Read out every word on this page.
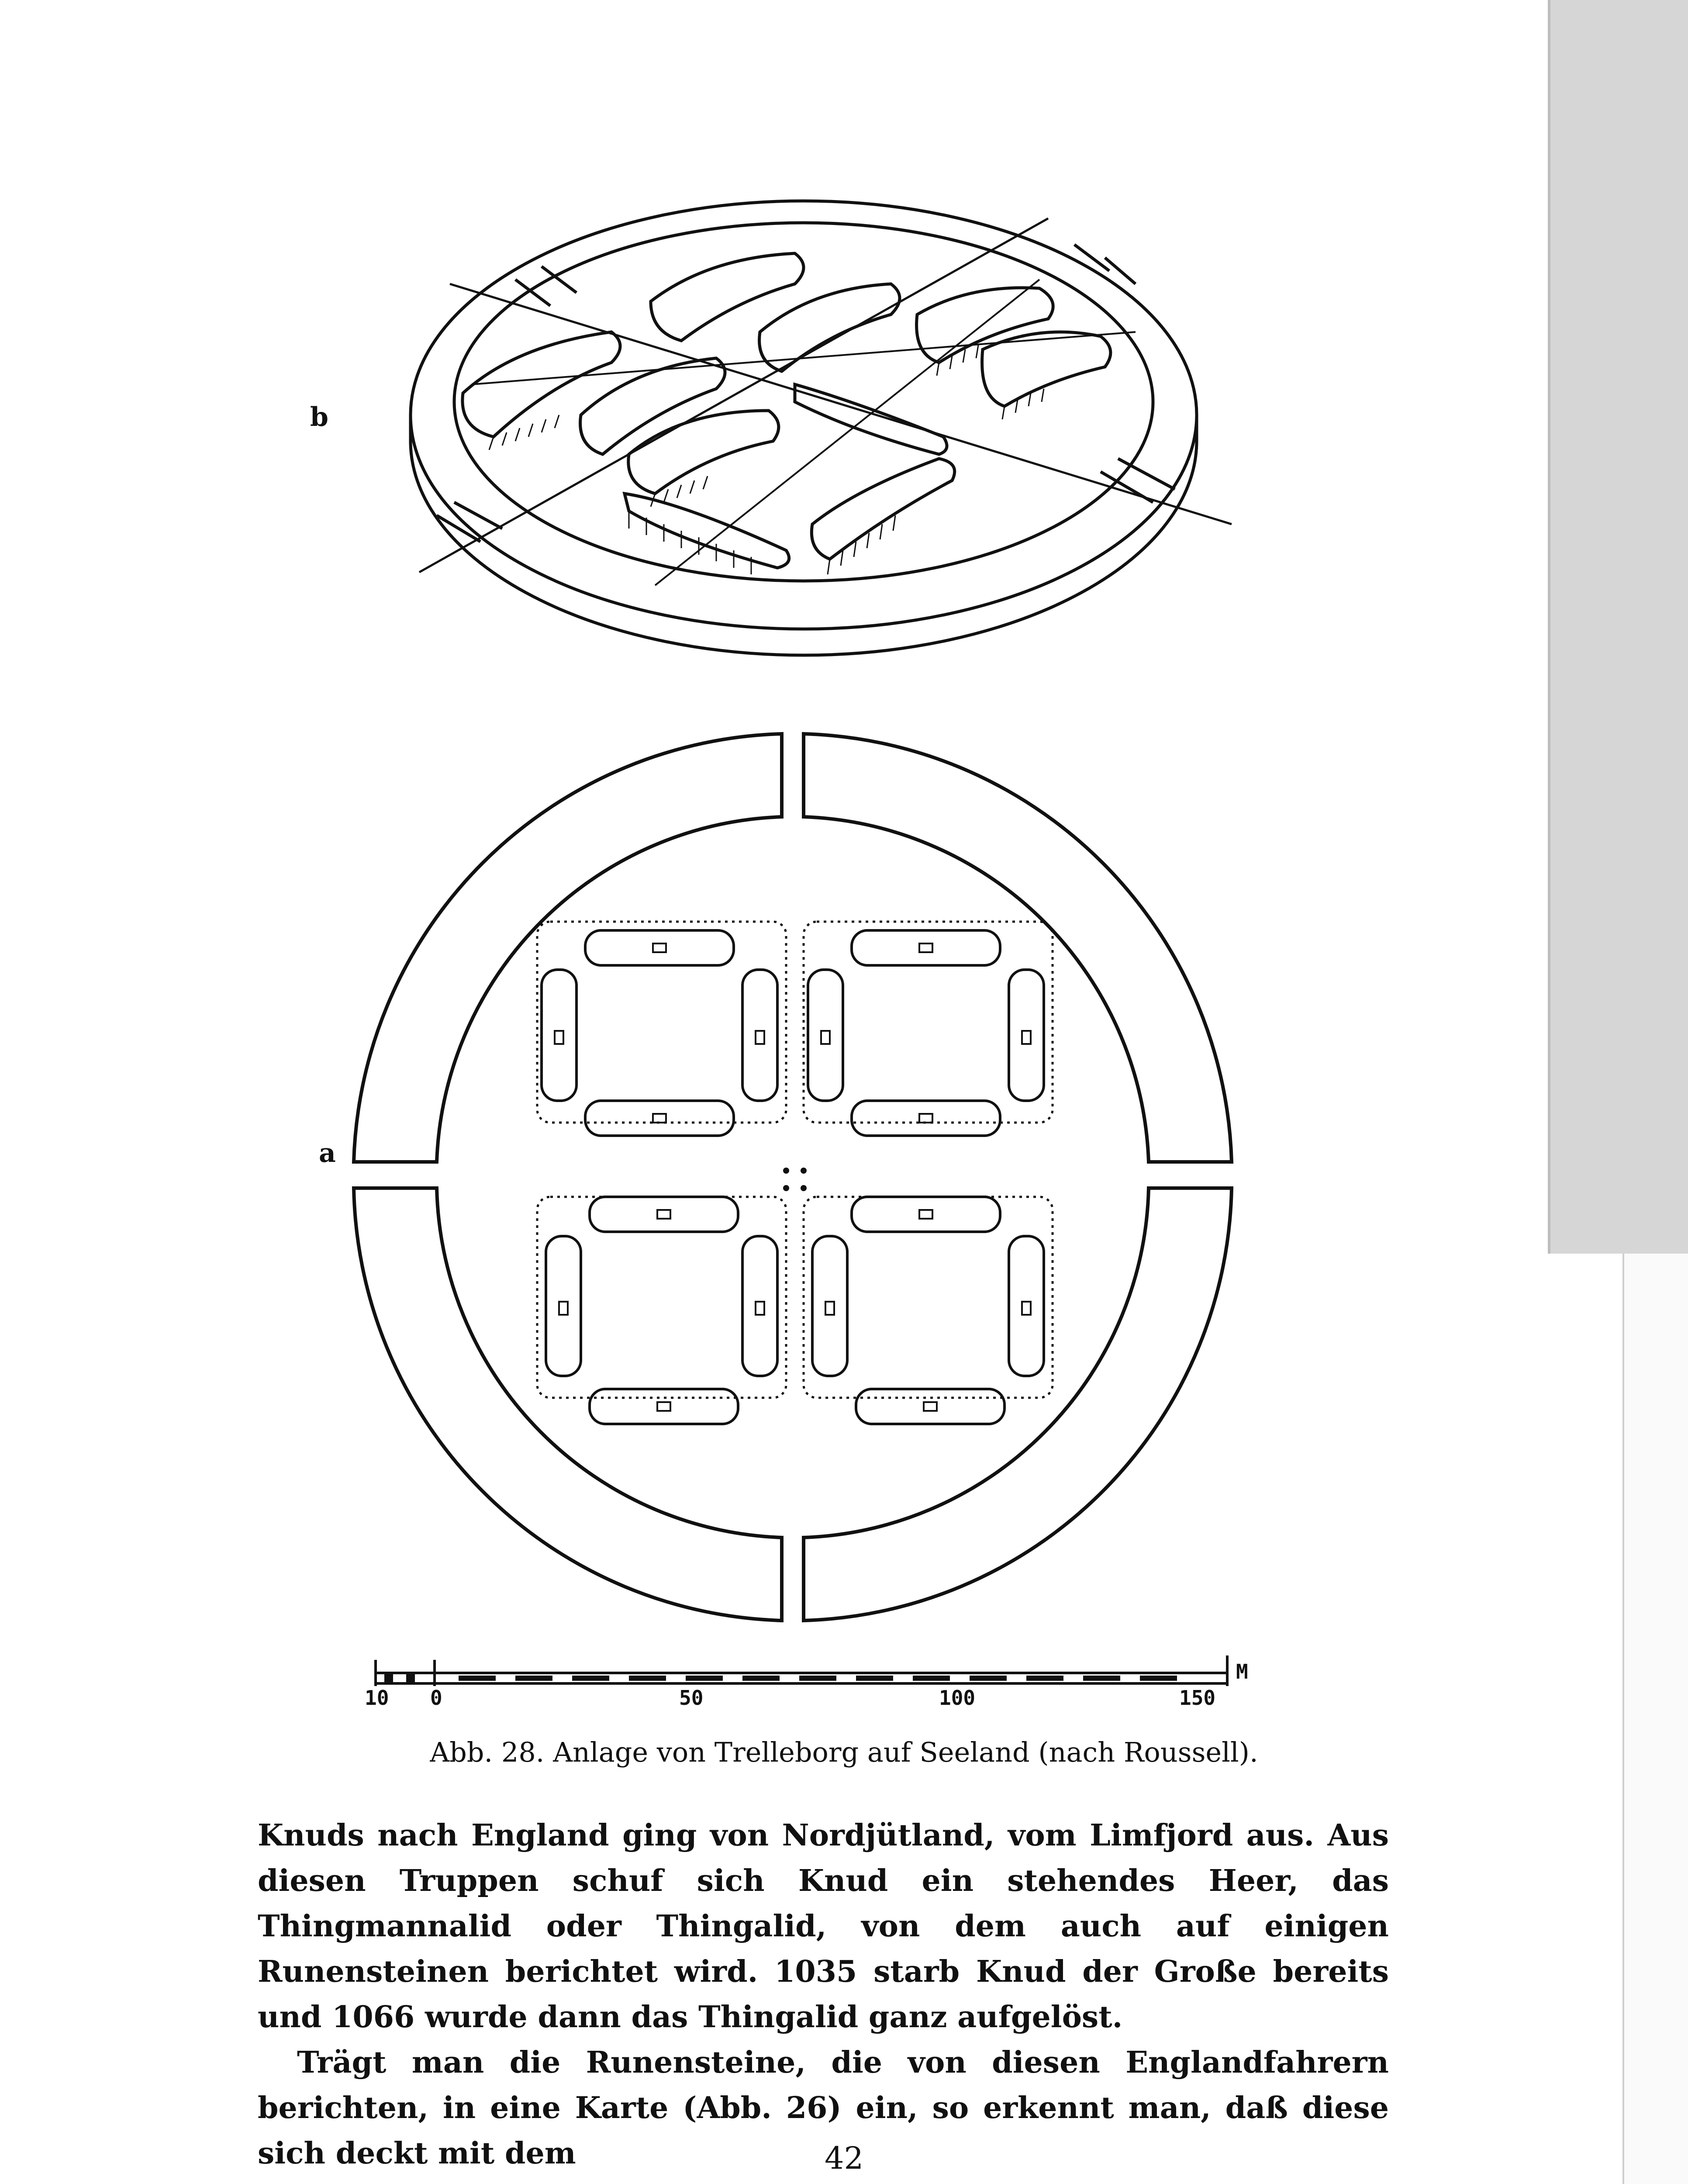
b
a
10 0	50	100	150
M
Abb. 28. Anlage von Trelleborg auf Seeland (nach Roussell).

Knuds nach England ging von Nordjütland, vom Limfjord aus. Aus diesen Truppen schuf sich Knud ein stehendes Heer, das Thingmannalid oder Thingalid, von dem auch auf einigen Runensteinen berichtet wird. 1035 starb Knud der Große bereits und 1066 wurde dann das Thingalid ganz aufgelöst.

Trägt man die Runensteine, die von diesen Englandfahrern berichten, in eine Karte (Abb. 26) ein, so erkennt man, daß diese sich deckt mit dem	42
